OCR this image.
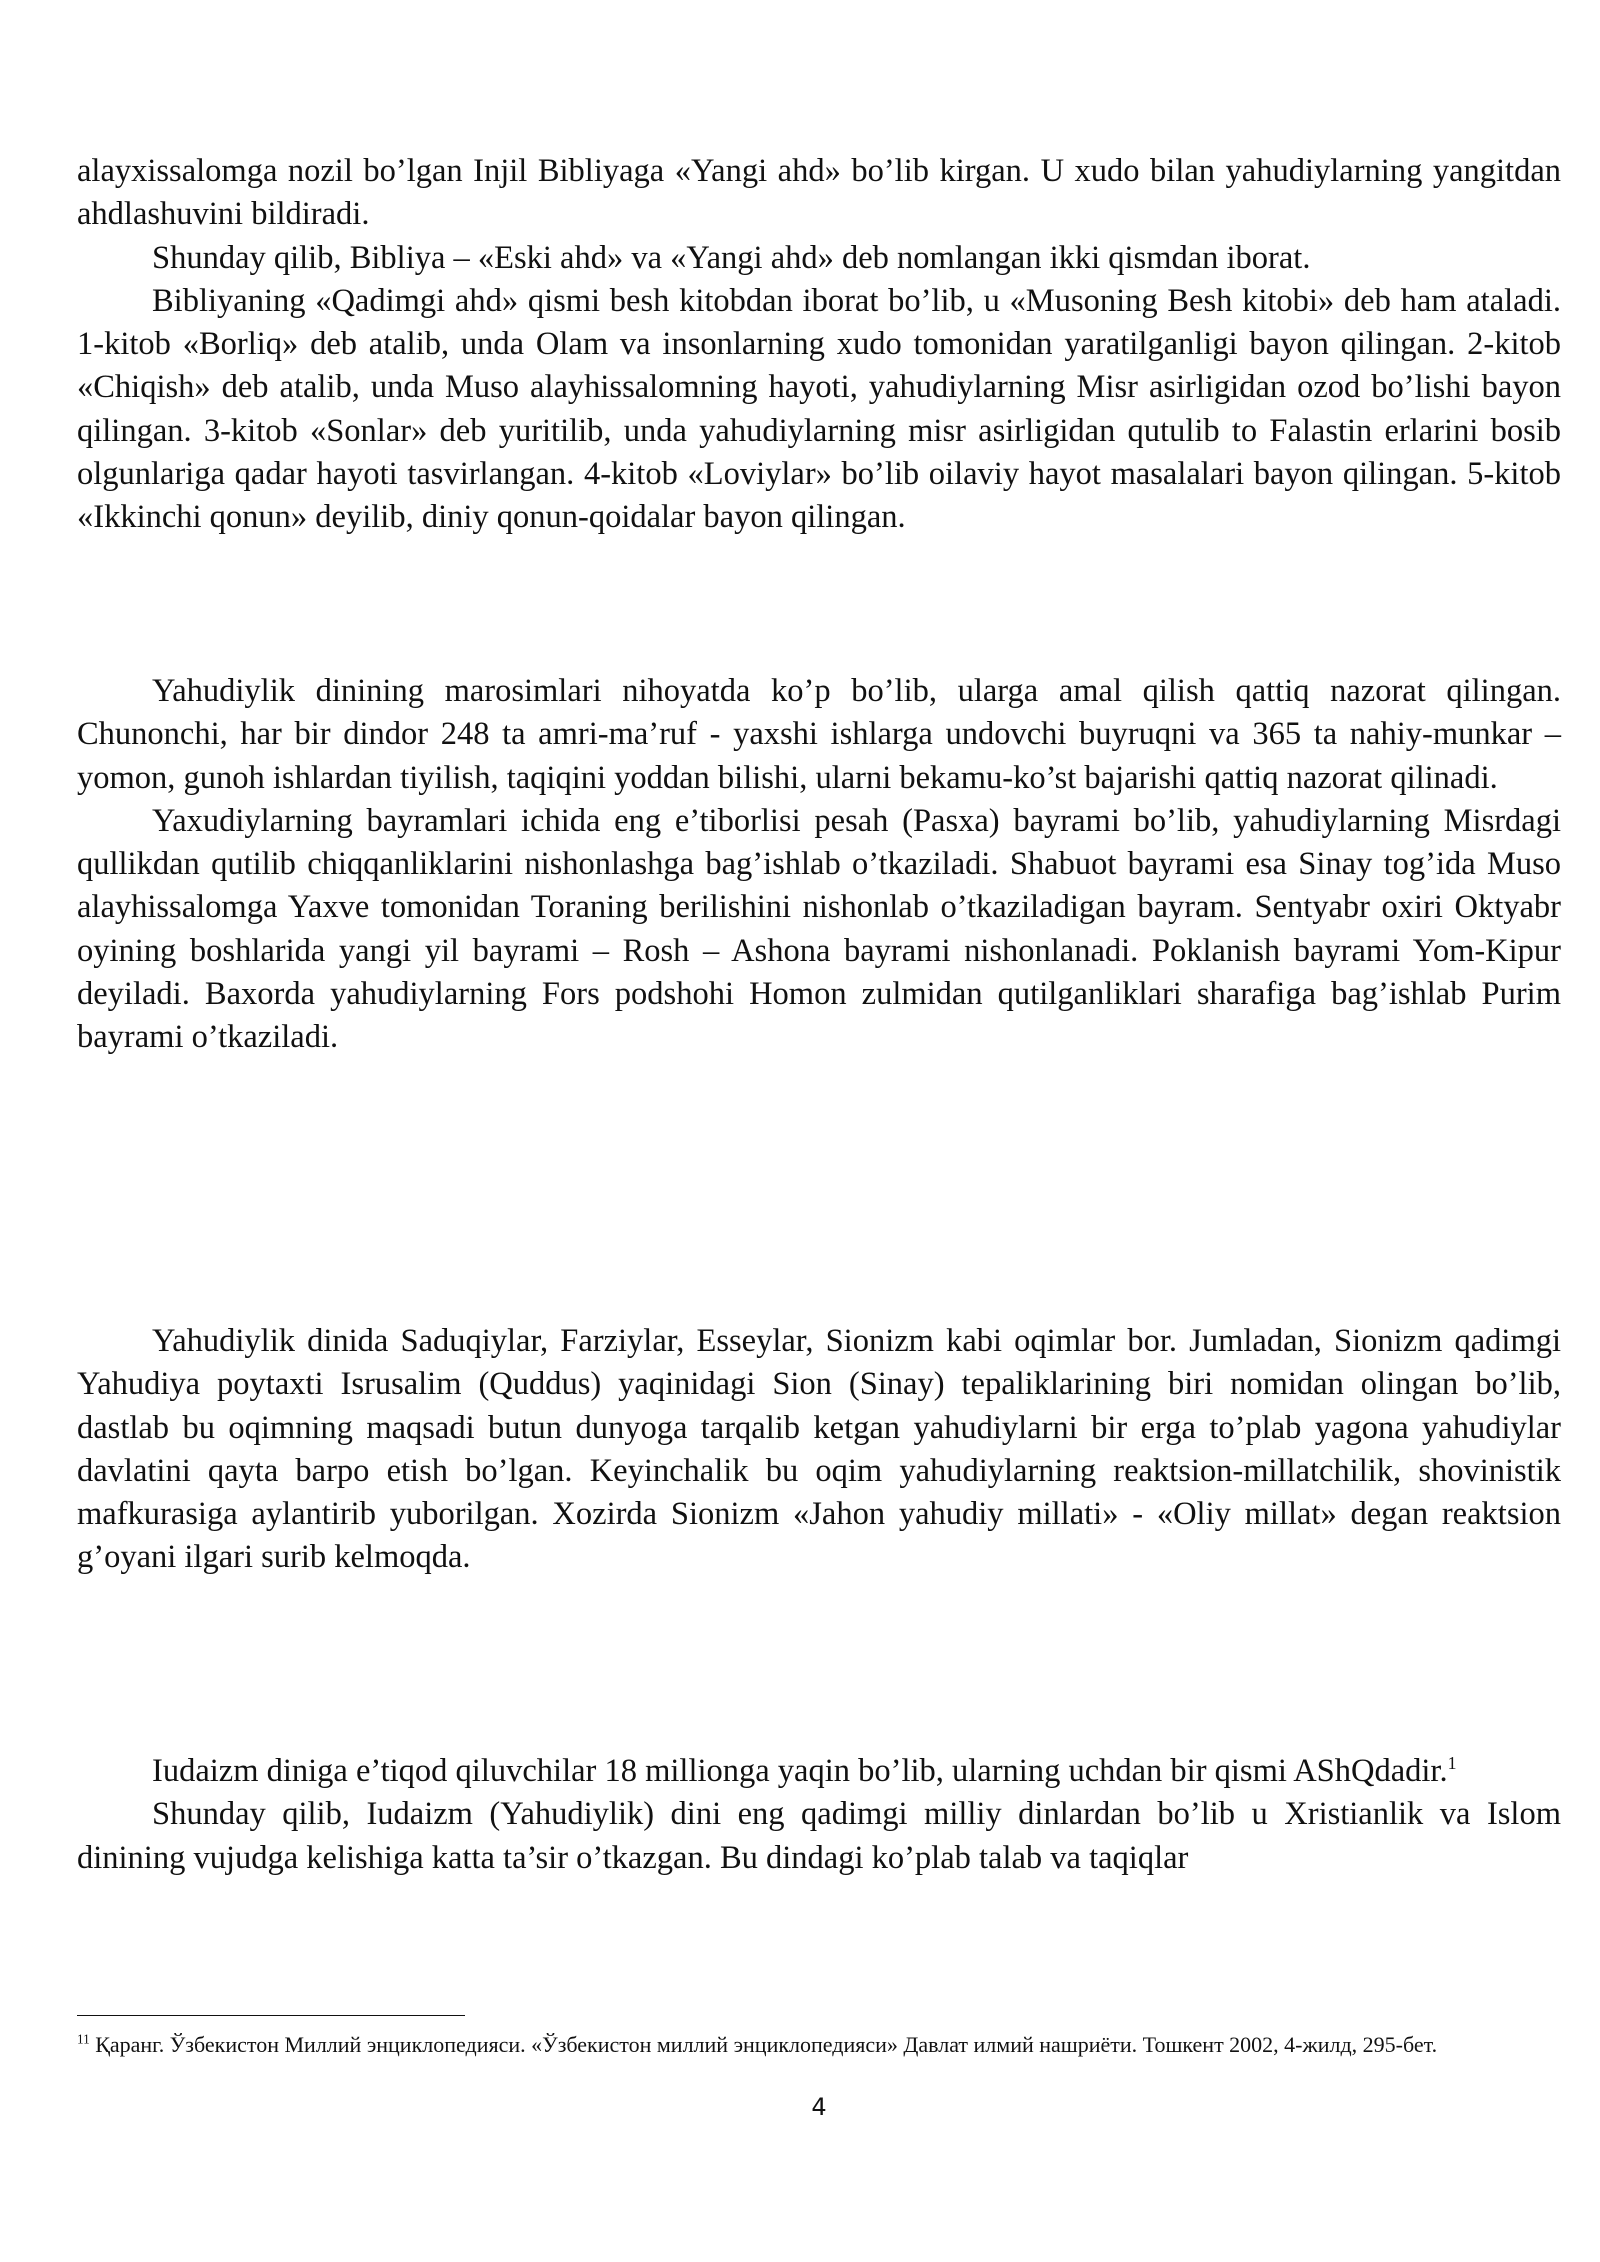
alayxissalomga nozil bo’lgan Injil Bibliyaga «Yangi ahd» bo’lib kirgan. U xudo bilan yahudiylarning yangitdan ahdlashuvini bildiradi.

Shunday qilib, Bibliya – «Eski ahd» va «Yangi ahd» deb nomlangan ikki qismdan iborat.

Bibliyaning «Qadimgi ahd» qismi besh kitobdan iborat bo’lib, u «Musoning Besh kitobi» deb ham ataladi. 1-kitob «Borliq» deb atalib, unda Olam va insonlarning xudo tomonidan yaratilganligi bayon qilingan. 2-kitob «Chiqish» deb atalib, unda Muso alayhissalomning hayoti, yahudiylarning Misr asirligidan ozod bo’lishi bayon qilingan. 3-kitob «Sonlar» deb yuritilib, unda yahudiylarning misr asirligidan qutulib to Falastin erlarini bosib olgunlariga qadar hayoti tasvirlangan. 4-kitob «Loviylar» bo’lib oilaviy hayot masalalari bayon qilingan. 5-kitob «Ikkinchi qonun» deyilib, diniy qonun-qoidalar bayon qilingan.

Yahudiylik dinining marosimlari nihoyatda ko’p bo’lib, ularga amal qilish qattiq nazorat qilingan. Chunonchi, har bir dindor 248 ta amri-ma’ruf - yaxshi ishlarga undovchi buyruqni va 365 ta nahiy-munkar – yomon, gunoh ishlardan tiyilish, taqiqini yoddan bilishi, ularni bekamu-ko’st bajarishi qattiq nazorat qilinadi.

Yaxudiylarning bayramlari ichida eng e’tiborlisi pesah (Pasxa) bayrami bo’lib, yahudiylarning Misrdagi qullikdan qutilib chiqqanliklarini nishonlashga bag’ishlab o’tkaziladi. Shabuot bayrami esa Sinay tog’ida Muso alayhissalomga Yaxve tomonidan Toraning berilishini nishonlab o’tkaziladigan bayram. Sentyabr oxiri Oktyabr oyining boshlarida yangi yil bayrami – Rosh – Ashona bayrami nishonlanadi. Poklanish bayrami Yom-Kipur deyiladi. Baxorda yahudiylarning Fors podshohi Homon zulmidan qutilganliklari sharafiga bag’ishlab Purim bayrami o’tkaziladi.

Yahudiylik dinida Saduqiylar, Farziylar, Esseylar, Sionizm kabi oqimlar bor. Jumladan, Sionizm qadimgi Yahudiya poytaxti Isrusalim (Quddus) yaqinidagi Sion (Sinay) tepaliklarining biri nomidan olingan bo’lib, dastlab bu oqimning maqsadi butun dunyoga tarqalib ketgan yahudiylarni bir erga to’plab yagona yahudiylar davlatini qayta barpo etish bo’lgan. Keyinchalik bu oqim yahudiylarning reaktsion-millatchilik, shovinistik mafkurasiga aylantirib yuborilgan. Xozirda Sionizm «Jahon yahudiy millati» - «Oliy millat» degan reaktsion g’oyani ilgari surib kelmoqda.

Iudaizm diniga e’tiqod qiluvchilar 18 millionga yaqin bo’lib, ularning uchdan bir qismi AShQdadir.$^1$

Shunday qilib, Iudaizm (Yahudiylik) dini eng qadimgi milliy dinlardan bo’lib u Xristianlik va Islom dinining vujudga kelishiga katta ta’sir o’tkazgan. Bu dindagi ko’plab talab va taqiqlar

$^{11}$ Қаранг. Ўзбекистон Миллий энциклопедияси. «Ўзбекистон миллий энциклопедияси» Давлат илмий нашриёти. Тошкент 2002, 4-жилд, 295-бет.

4
